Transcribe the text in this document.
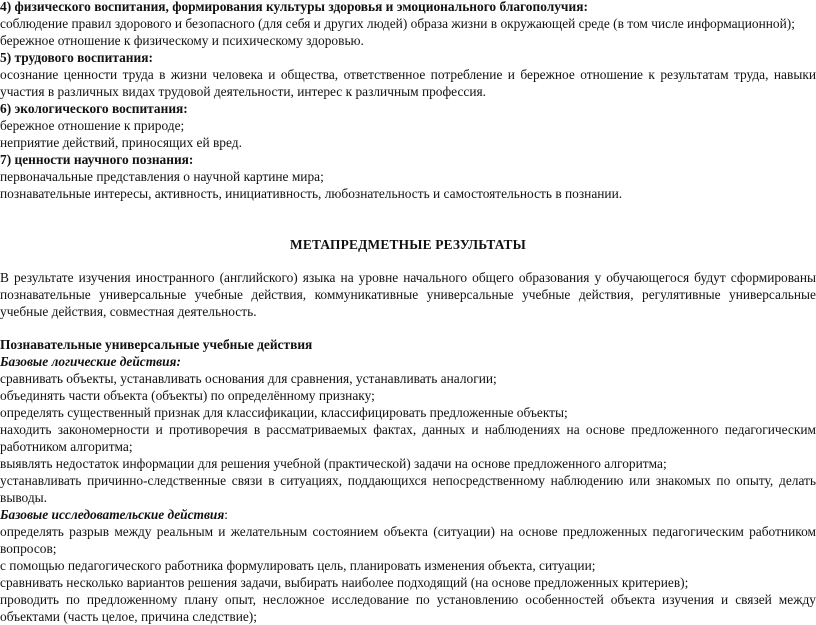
4) физического воспитания, формирования культуры здоровья и эмоционального благополучия:

соблюдение правил здорового и безопасного (для себя и других людей) образа жизни в окружающей среде (в том числе информационной);

бережное отношение к физическому и психическому здоровью.

5) трудового воспитания:

осознание ценности труда в жизни человека и общества, ответственное потребление и бережное отношение к результатам труда, навыки участия в различных видах трудовой деятельности, интерес к различным профессия.

6) экологического воспитания:

бережное отношение к природе;

неприятие действий, приносящих ей вред.

7) ценности научного познания:

первоначальные представления о научной картине мира;

познавательные интересы, активность, инициативность, любознательность и самостоятельность в познании.

МЕТАПРЕДМЕТНЫЕ РЕЗУЛЬТАТЫ

В результате изучения иностранного (английского) языка на уровне начального общего образования у обучающегося будут сформированы познавательные универсальные учебные действия, коммуникативные универсальные учебные действия, регулятивные универсальные учебные действия, совместная деятельность.

Познавательные универсальные учебные действия

Базовые логические действия:

сравнивать объекты, устанавливать основания для сравнения, устанавливать аналогии;

объединять части объекта (объекты) по определённому признаку;

определять существенный признак для классификации, классифицировать предложенные объекты;

находить закономерности и противоречия в рассматриваемых фактах, данных и наблюдениях на основе предложенного педагогическим работником алгоритма;

выявлять недостаток информации для решения учебной (практической) задачи на основе предложенного алгоритма;

устанавливать причинно-следственные связи в ситуациях, поддающихся непосредственному наблюдению или знакомых по опыту, делать выводы.

Базовые исследовательские действия:

определять разрыв между реальным и желательным состоянием объекта (ситуации) на основе предложенных педагогическим работником вопросов;

с помощью педагогического работника формулировать цель, планировать изменения объекта, ситуации;

сравнивать несколько вариантов решения задачи, выбирать наиболее подходящий (на основе предложенных критериев);

проводить по предложенному плану опыт, несложное исследование по установлению особенностей объекта изучения и связей между объектами (часть целое, причина следствие);
